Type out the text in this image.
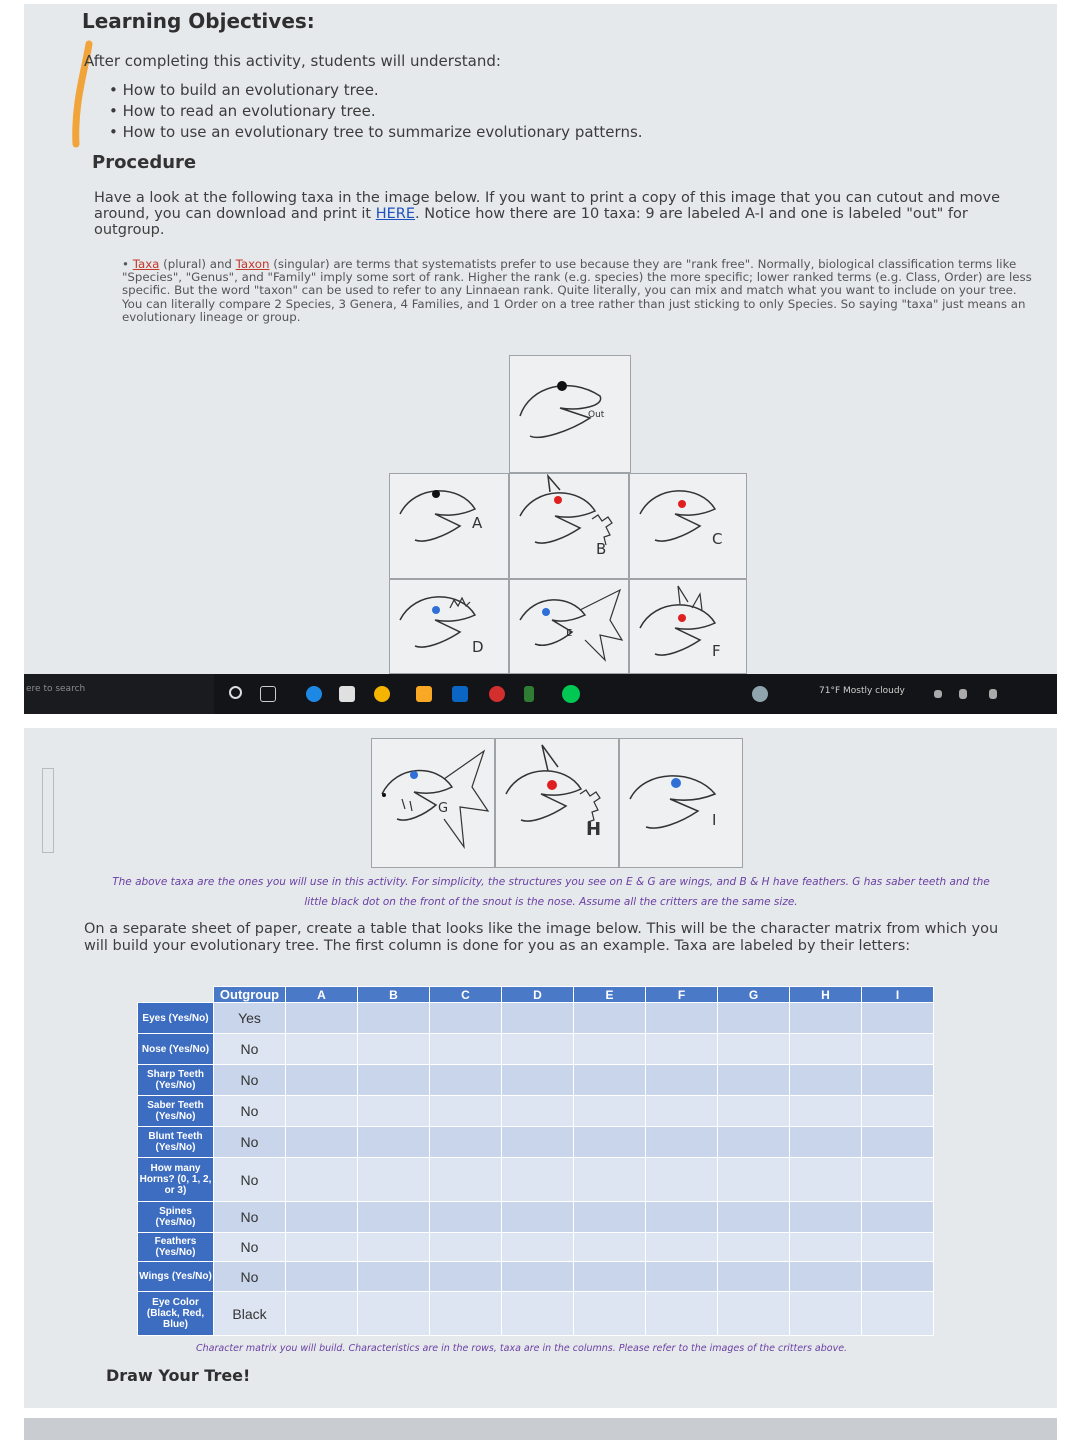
Learning Objectives:
After completing this activity, students will understand:
• How to build an evolutionary tree.
• How to read an evolutionary tree.
• How to use an evolutionary tree to summarize evolutionary patterns.
Procedure
Have a look at the following taxa in the image below. If you want to print a copy of this image that you can cutout and move around, you can download and print it HERE. Notice how there are 10 taxa: 9 are labeled A-I and one is labeled "out" for outgroup.
• Taxa (plural) and Taxon (singular) are terms that systematists prefer to use because they are "rank free". Normally, biological classification terms like "Species", "Genus", and "Family" imply some sort of rank. Higher the rank (e.g. species) the more specific; lower ranked terms (e.g. Class, Order) are less specific. But the word "taxon" can be used to refer to any Linnaean rank. Quite literally, you can mix and match what you want to include on your tree. You can literally compare 2 Species, 3 Genera, 4 Families, and 1 Order on a tree rather than just sticking to only Species. So saying "taxa" just means an evolutionary lineage or group.
Out
A
B
C
D
E
F
ere to search	71°F Mostly cloudy
G
H	I
The above taxa are the ones you will use in this activity. For simplicity, the structures you see on E & G are wings, and B & H have feathers. G has saber teeth and the
little black dot on the front of the snout is the nose. Assume all the critters are the same size.
On a separate sheet of paper, create a table that looks like the image below. This will be the character matrix from which you will build your evolutionary tree. The first column is done for you as an example. Taxa are labeled by their letters:
	Outgroup	A	B	C	D	E	F	G	H	I
Eyes (Yes/No)	Yes									
Nose (Yes/No)	No									
Sharp Teeth (Yes/No)	No									
Saber Teeth (Yes/No)	No									
Blunt Teeth (Yes/No)	No									
How many Horns? (0, 1, 2, or 3)	No									
Spines (Yes/No)	No									
Feathers (Yes/No)	No									
Wings (Yes/No)	No									
Eye Color (Black, Red, Blue)	Black									
Character matrix you will build. Characteristics are in the rows, taxa are in the columns. Please refer to the images of the critters above.
Draw Your Tree!
